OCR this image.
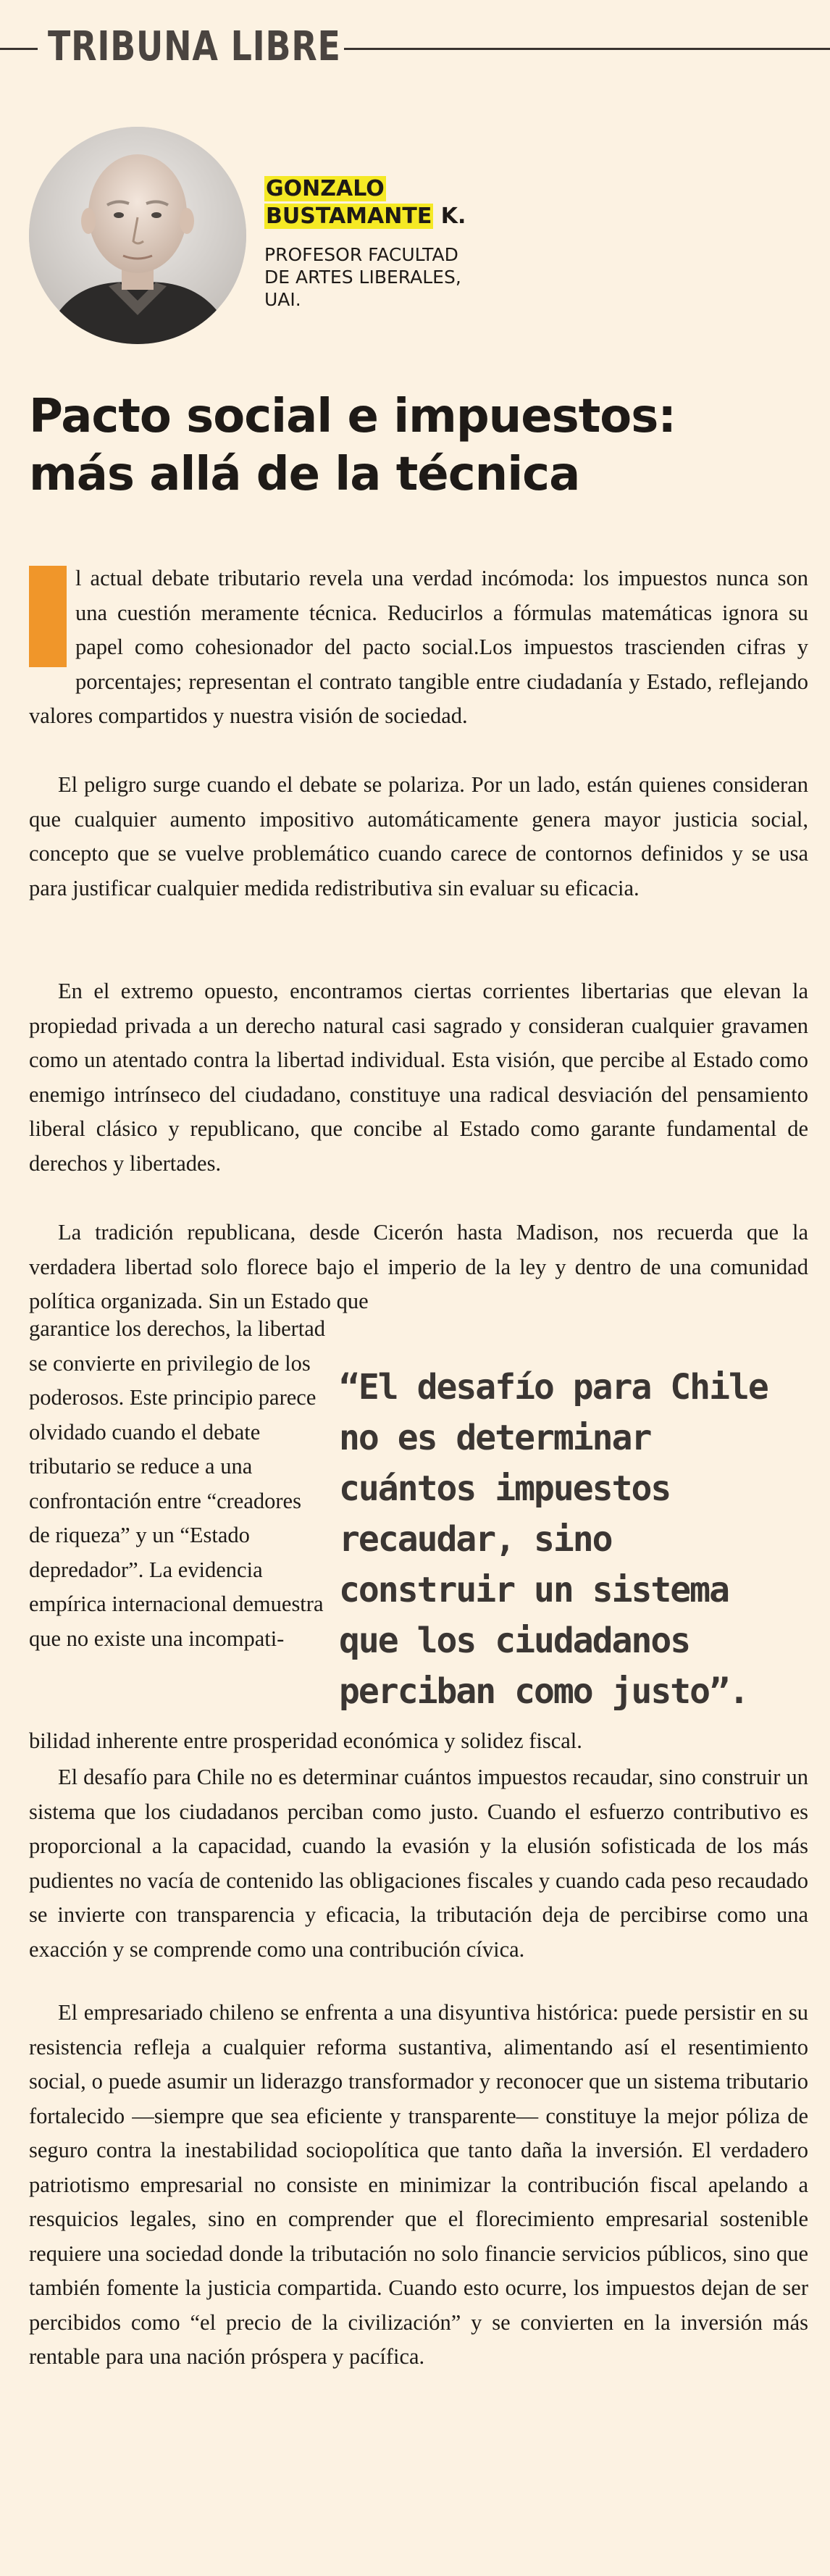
TRIBUNA LIBRE
GONZALO
BUSTAMANTE K.
PROFESOR FACULTAD
DE ARTES LIBERALES,
UAI.
Pacto social e impuestos:
más allá de la técnica
l actual debate tributario revela una verdad incómoda: los impuestos nunca son una cuestión meramente técnica. Reducirlos a fórmulas matemáticas ignora su papel como cohesionador del pacto social.Los impuestos trascienden cifras y porcentajes; representan el contrato tangible entre ciudadanía y Estado, reflejando valores compartidos y nuestra visión de sociedad.
El peligro surge cuando el debate se polariza. Por un lado, están quienes consideran que cualquier aumento impositivo automáticamente genera mayor justicia social, concepto que se vuelve problemático cuando carece de contornos definidos y se usa para justificar cualquier medida redistributiva sin evaluar su eficacia.
En el extremo opuesto, encontramos ciertas corrientes libertarias que elevan la propiedad privada a un derecho natural casi sagrado y consideran cualquier gravamen como un atentado contra la libertad individual. Esta visión, que percibe al Estado como enemigo intrínseco del ciudadano, constituye una radical desviación del pensamiento liberal clásico y republicano, que concibe al Estado como garante fundamental de derechos y libertades.
La tradición republicana, desde Cicerón hasta Madison, nos recuerda que la verdadera libertad solo florece bajo el imperio de la ley y dentro de una comunidad política organizada. Sin un Estado que
garantice los derechos, la libertad se convierte en privilegio de los poderosos. Este principio parece olvidado cuando el debate tributario se reduce a una confrontación entre “creadores de riqueza” y un “Estado depredador”. La evidencia empírica internacional demuestra que no existe una incompati-
bilidad inherente entre prosperidad económica y solidez fiscal.
“El desafío para Chile no es determinar cuántos impuestos recaudar, sino construir un sistema que los ciudadanos perciban como justo”.
El desafío para Chile no es determinar cuántos impuestos recaudar, sino construir un sistema que los ciudadanos perciban como justo. Cuando el esfuerzo contributivo es proporcional a la capacidad, cuando la evasión y la elusión sofisticada de los más pudientes no vacía de contenido las obligaciones fiscales y cuando cada peso recaudado se invierte con transparencia y eficacia, la tributación deja de percibirse como una exacción y se comprende como una contribución cívica.
El empresariado chileno se enfrenta a una disyuntiva histórica: puede persistir en su resistencia refleja a cualquier reforma sustantiva, alimentando así el resentimiento social, o puede asumir un liderazgo transformador y reconocer que un sistema tributario fortalecido —siempre que sea eficiente y transparente— constituye la mejor póliza de seguro contra la inestabilidad sociopolítica que tanto daña la inversión. El verdadero patriotismo empresarial no consiste en minimizar la contribución fiscal apelando a resquicios legales, sino en comprender que el florecimiento empresarial sostenible requiere una sociedad donde la tributación no solo financie servicios públicos, sino que también fomente la justicia compartida. Cuando esto ocurre, los impuestos dejan de ser percibidos como “el precio de la civilización” y se convierten en la inversión más rentable para una nación próspera y pacífica.
